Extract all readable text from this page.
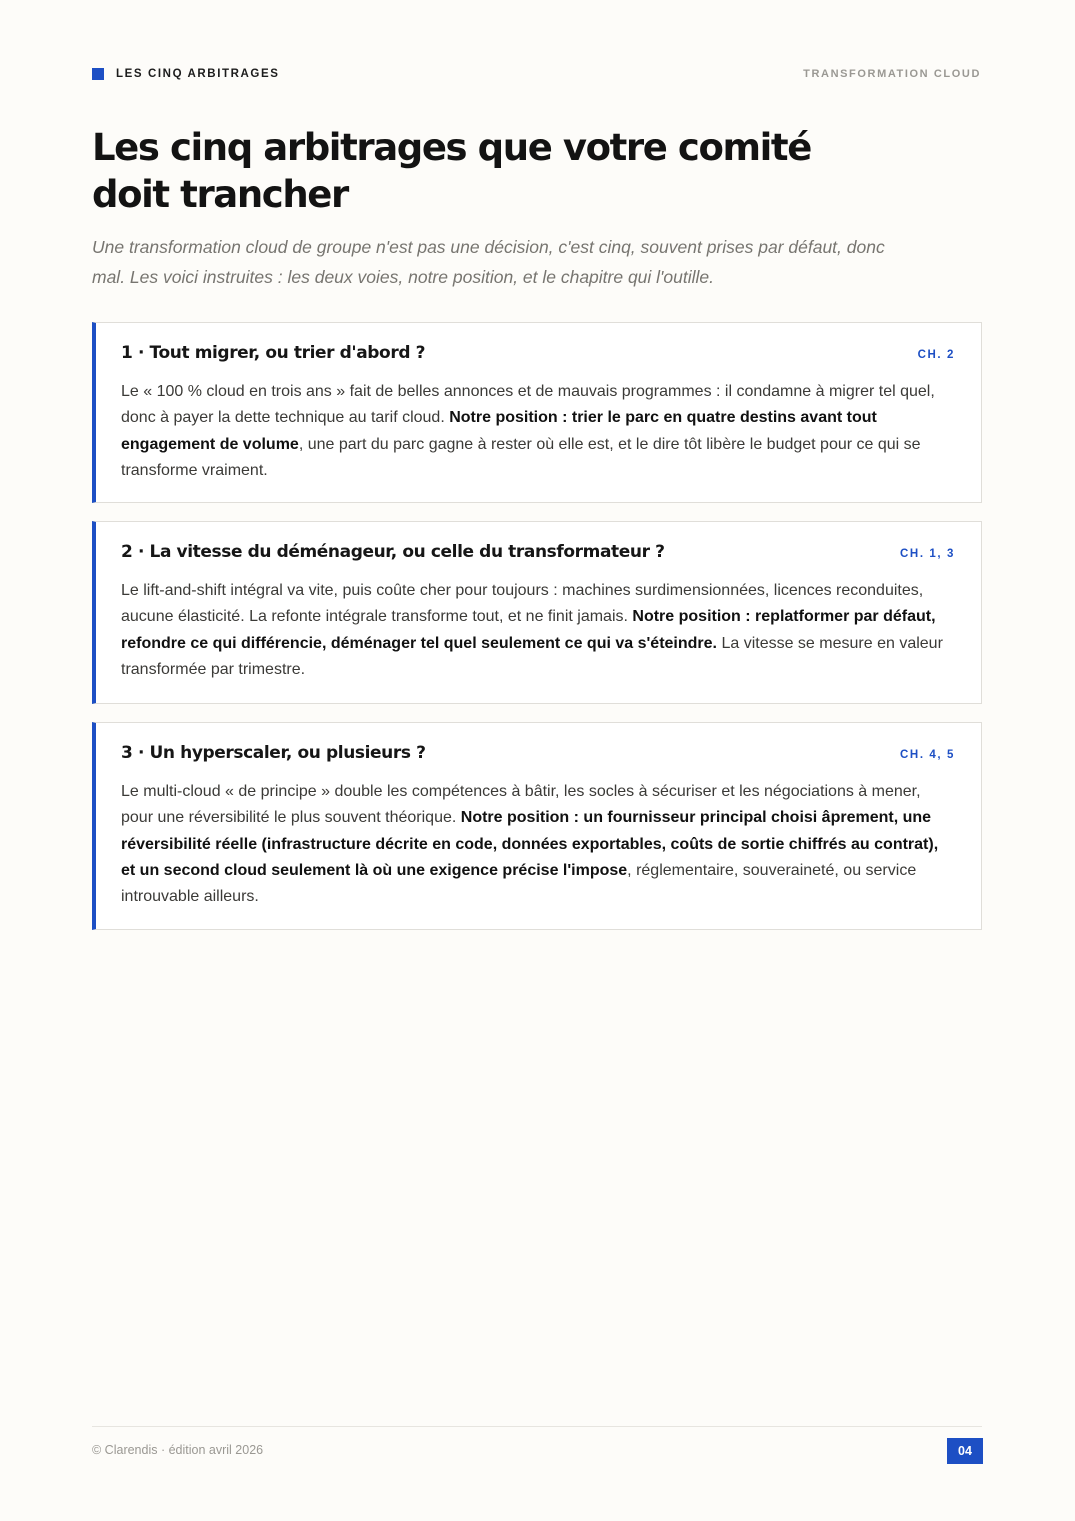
LES CINQ ARBITRAGES	TRANSFORMATION CLOUD
Les cinq arbitrages que votre comité doit trancher

Une transformation cloud de groupe n'est pas une décision, c'est cinq, souvent prises par défaut, donc mal. Les voici instruites : les deux voies, notre position, et le chapitre qui l'outille.

1 · Tout migrer, ou trier d'abord ?	CH. 2

Le « 100 % cloud en trois ans » fait de belles annonces et de mauvais programmes : il condamne à migrer tel quel, donc à payer la dette technique au tarif cloud. Notre position : trier le parc en quatre destins avant tout engagement de volume, une part du parc gagne à rester où elle est, et le dire tôt libère le budget pour ce qui se transforme vraiment.

2 · La vitesse du déménageur, ou celle du transformateur ?	CH. 1, 3

Le lift-and-shift intégral va vite, puis coûte cher pour toujours : machines surdimensionnées, licences reconduites, aucune élasticité. La refonte intégrale transforme tout, et ne finit jamais. Notre position : replatformer par défaut, refondre ce qui différencie, déménager tel quel seulement ce qui va s'éteindre. La vitesse se mesure en valeur transformée par trimestre.

3 · Un hyperscaler, ou plusieurs ?	CH. 4, 5

Le multi-cloud « de principe » double les compétences à bâtir, les socles à sécuriser et les négociations à mener, pour une réversibilité le plus souvent théorique. Notre position : un fournisseur principal choisi âprement, une réversibilité réelle (infrastructure décrite en code, données exportables, coûts de sortie chiffrés au contrat), et un second cloud seulement là où une exigence précise l'impose, réglementaire, souveraineté, ou service introuvable ailleurs.

© Clarendis · édition avril 2026	04
